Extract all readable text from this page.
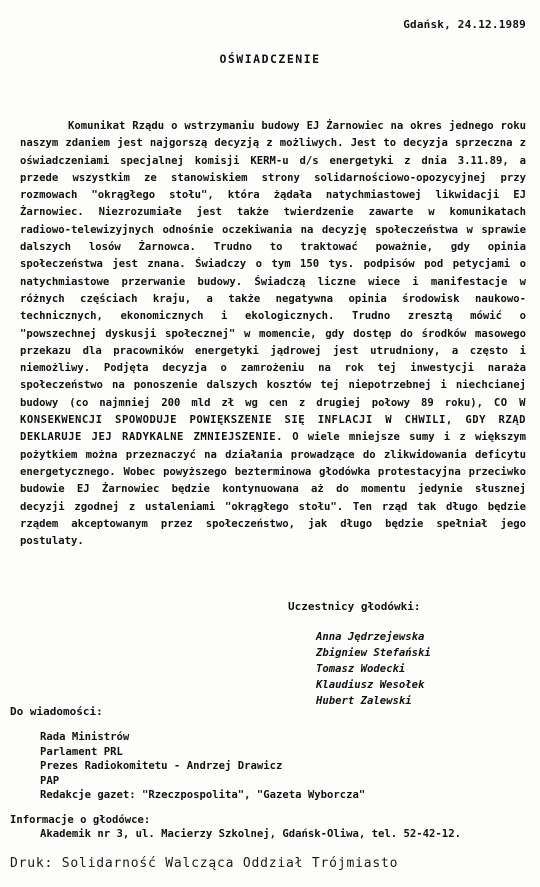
Gdańsk, 24.12.1989
OŚWIADCZENIE

Komunikat Rządu o wstrzymaniu budowy EJ Żarnowiec na okres jednego roku naszym zdaniem jest najgorszą decyzją z możliwych. Jest to decyzja sprzeczna z oświadczeniami specjalnej komisji KERM-u d/s energetyki z dnia 3.11.89, a przede wszystkim ze stanowiskiem strony solidarnościowo-opozycyjnej przy rozmowach "okrągłego stołu", która żądała natychmiastowej likwidacji EJ Żarnowiec. Niezrozumiałe jest także twierdzenie zawarte w komunikatach radiowo-telewizyjnych odnośnie oczekiwania na decyzję społeczeństwa w sprawie dalszych losów Żarnowca. Trudno to traktować poważnie, gdy opinia społeczeństwa jest znana. Świadczy o tym 150 tys. podpisów pod petycjami o natychmiastowe przerwanie budowy. Świadczą liczne wiece i manifestacje w różnych częściach kraju, a także negatywna opinia środowisk naukowo-technicznych, ekonomicznych i ekologicznych. Trudno zresztą mówić o "powszechnej dyskusji społecznej" w momencie, gdy dostęp do środków masowego przekazu dla pracowników energetyki jądrowej jest utrudniony, a często i niemożliwy. Podjęta decyzja o zamrożeniu na rok tej inwestycji naraża społeczeństwo na ponoszenie dalszych kosztów tej niepotrzebnej i niechcianej budowy (co najmniej 200 mld zł wg cen z drugiej połowy 89 roku), CO W KONSEKWENCJI SPOWODUJE POWIĘKSZENIE SIĘ INFLACJI W CHWILI, GDY RZĄD DEKLARUJE JEJ RADYKALNE ZMNIEJSZENIE. O wiele mniejsze sumy i z większym pożytkiem można przeznaczyć na działania prowadzące do zlikwidowania deficytu energetycznego. Wobec powyższego bezterminowa głodówka protestacyjna przeciwko budowie EJ Żarnowiec będzie kontynuowana aż do momentu jedynie słusznej decyzji zgodnej z ustaleniami "okrągłego stołu". Ten rząd tak długo będzie rządem akceptowanym przez społeczeństwo, jak długo będzie spełniał jego postulaty.

Uczestnicy głodówki:
Anna Jędrzejewska
Zbigniew Stefański
Tomasz Wodecki
Klaudiusz Wesołek
Hubert Zalewski
Do wiadomości:
Rada Ministrów
Parlament PRL
Prezes Radiokomitetu - Andrzej Drawicz
PAP
Redakcje gazet: "Rzeczpospolita", "Gazeta Wyborcza"
Informacje o głodówce:
Akademik nr 3, ul. Macierzy Szkolnej, Gdańsk-Oliwa, tel. 52-42-12.
Druk: Solidarność Walcząca Oddział Trójmiasto
